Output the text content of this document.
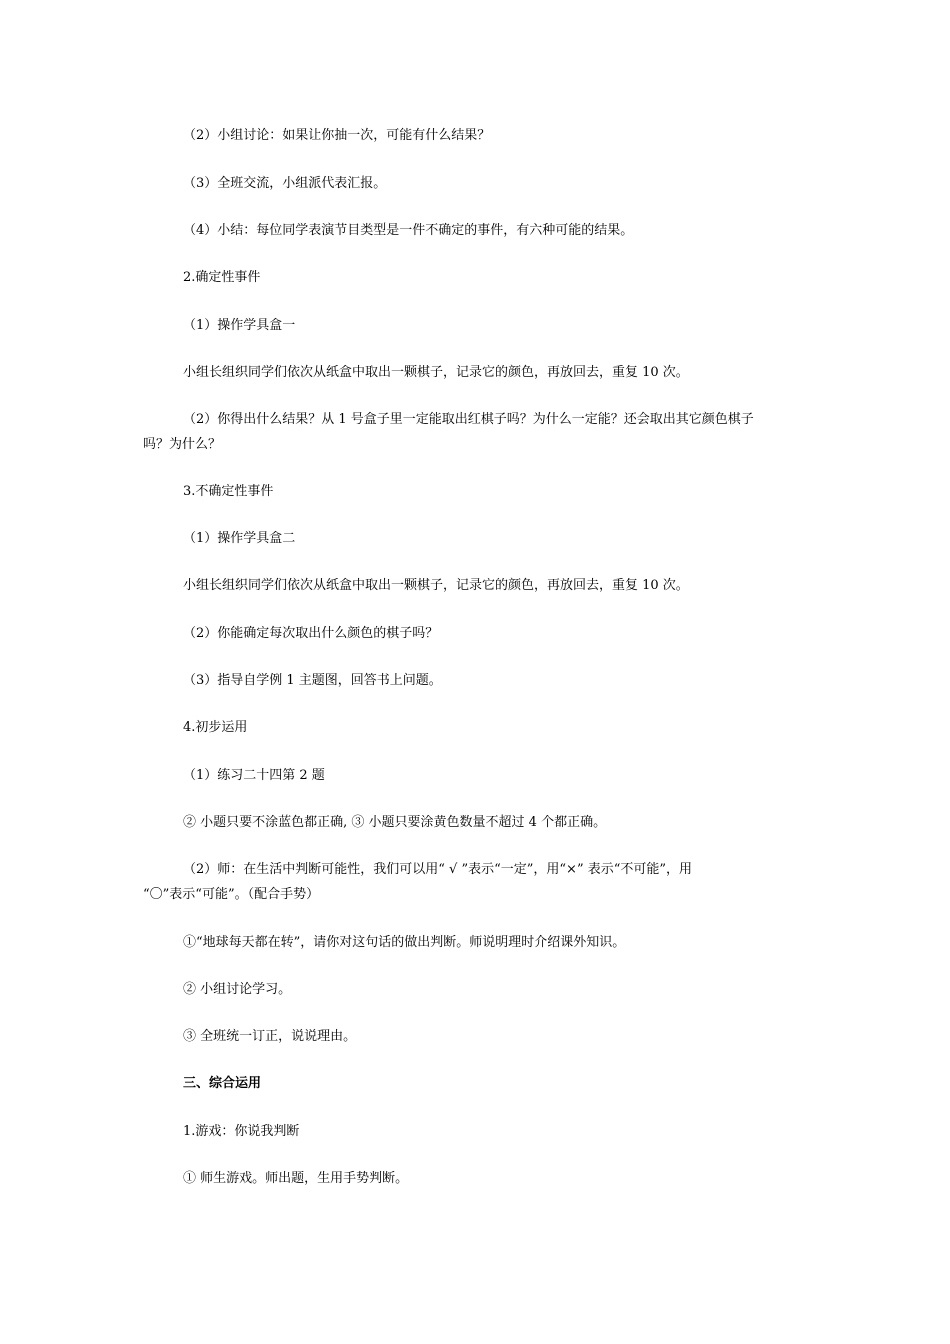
（2）小组讨论：如果让你抽一次，可能有什么结果？
（3）全班交流，小组派代表汇报。
（4）小结：每位同学表演节目类型是一件不确定的事件，有六种可能的结果。
2.确定性事件
（1）操作学具盒一
小组长组织同学们依次从纸盒中取出一颗棋子，记录它的颜色，再放回去，重复 10 次。
（2）你得出什么结果？从 1 号盒子里一定能取出红棋子吗？为什么一定能？还会取出其它颜色棋子
吗？为什么？
3.不确定性事件
（1）操作学具盒二
小组长组织同学们依次从纸盒中取出一颗棋子，记录它的颜色，再放回去，重复 10 次。
（2）你能确定每次取出什么颜色的棋子吗？
（3）指导自学例 1 主题图，回答书上问题。
4.初步运用
（1）练习二十四第 2 题
② 小题只要不涂蓝色都正确, ③ 小题只要涂黄色数量不超过 4 个都正确。
（2）师：在生活中判断可能性，我们可以用“ √ ”表示“一定”，用“×” 表示“不可能”，用
“〇”表示“可能”。（配合手势）
①“地球每天都在转”，请你对这句话的做出判断。师说明理时介绍课外知识。
② 小组讨论学习。
③ 全班统一订正，说说理由。
三、综合运用
1.游戏：你说我判断
① 师生游戏。师出题，生用手势判断。
